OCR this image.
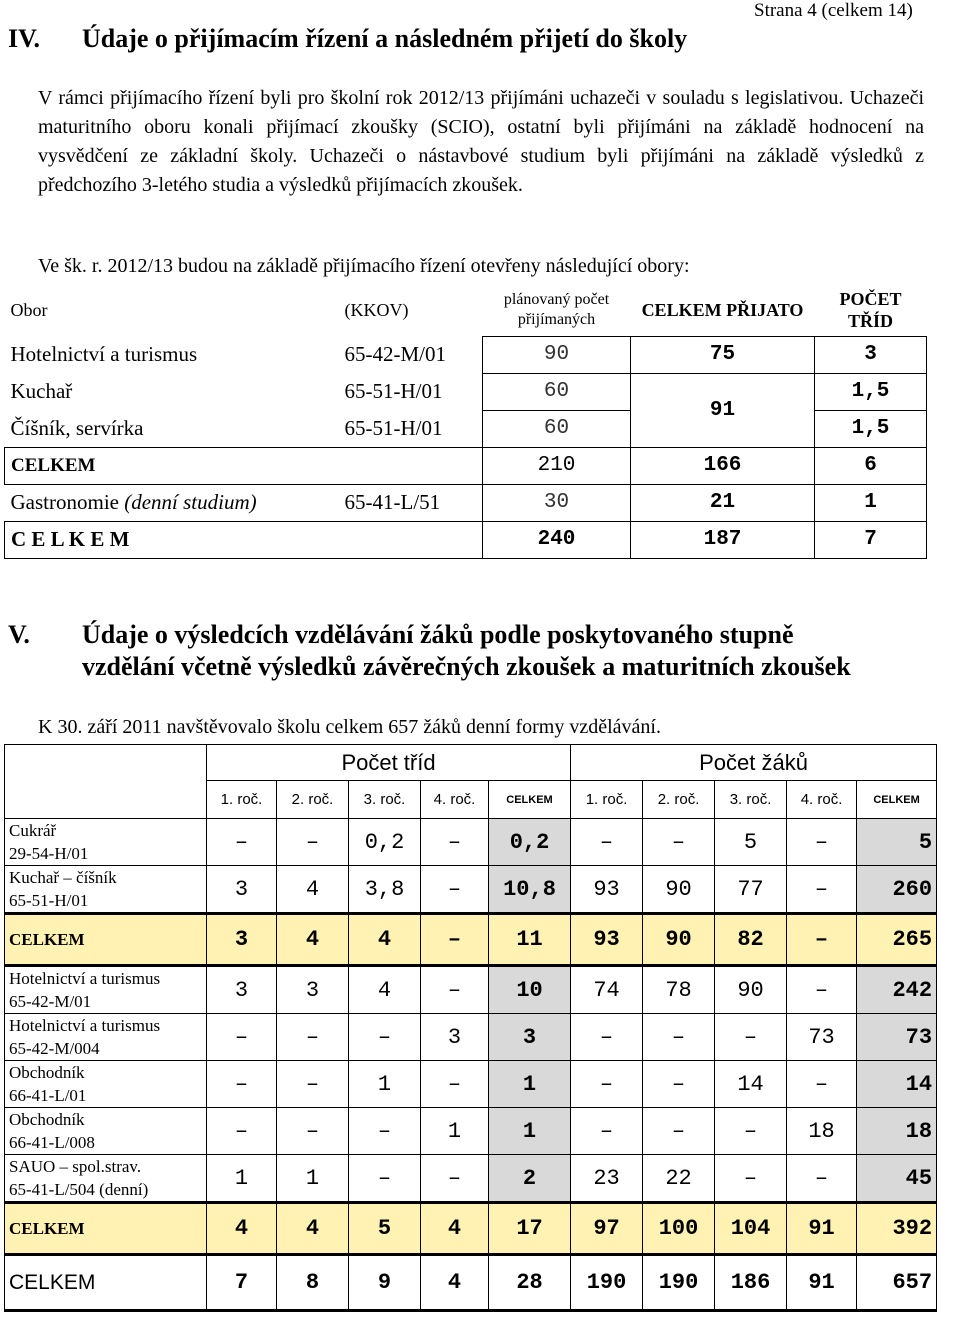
IV. Údaje o přijímacím řízení a následném přijetí do školy
Strana 4 (celkem 14)
V rámci přijímacího řízení byli pro školní rok 2012/13 přijímáni uchazeči v souladu s legislativou. Uchazeči maturitního oboru konali přijímací zkoušky (SCIO), ostatní byli přijímáni na základě hodnocení na vysvědčení ze základní školy. Uchazeči o nástavbové studium byli přijímáni na základě výsledků z předchozího 3-letého studia a výsledků přijímacích zkoušek.
Ve šk. r. 2012/13 budou na základě přijímacího řízení otevřeny následující obory:
Obor	(KKOV)	plánovaný počet přijímaných	CELKEM PŘIJATO	POČET TŘÍD
Hotelnictví a turismus	65-42-M/01	90	75	3
Kuchař	65-51-H/01	60	91	1,5
Číšník, servírka	65-51-H/01	60		1,5
CELKEM		210	166	6
Gastronomie (denní studium)	65-41-L/51	30	21	1
C E L K E M		240	187	7
V. Údaje o výsledcích vzdělávání žáků podle poskytovaného stupně
vzdělání včetně výsledků závěrečných zkoušek a maturitních zkoušek
K 30. září 2011 navštěvovalo školu celkem 657 žáků denní formy vzdělávání.
	Počet tříd					Počet žáků				
	1. roč.	2. roč.	3. roč.	4. roč.	CELKEM	1. roč.	2. roč.	3. roč.	4. roč.	CELKEM

Cukrář
29-54-H/01	–	–	0,2	–	0,2	–	–	5	–	5

Kuchař – číšník
65-51-H/01	3	4	3,8	–	10,8	93	90	77	–	260

CELKEM	3	4	4	–	11	93	90	82	–	265

Hotelnictví a turismus
65-42-M/01	3	3	4	–	10	74	78	90	–	242

Hotelnictví a turismus
65-42-M/004	–	–	–	3	3	–	–	–	73	73

Obchodník
66-41-L/01	–	–	1	–	1	–	–	14	–	14

Obchodník
66-41-L/008	–	–	–	1	1	–	–	–	18	18

SAUO – spol.strav.
65-41-L/504 (denní)	1	1	–	–	2	23	22	–	–	45

CELKEM	4	4	5	4	17	97	100	104	91	392

CELKEM	7	8	9	4	28	190	190	186	91	657
